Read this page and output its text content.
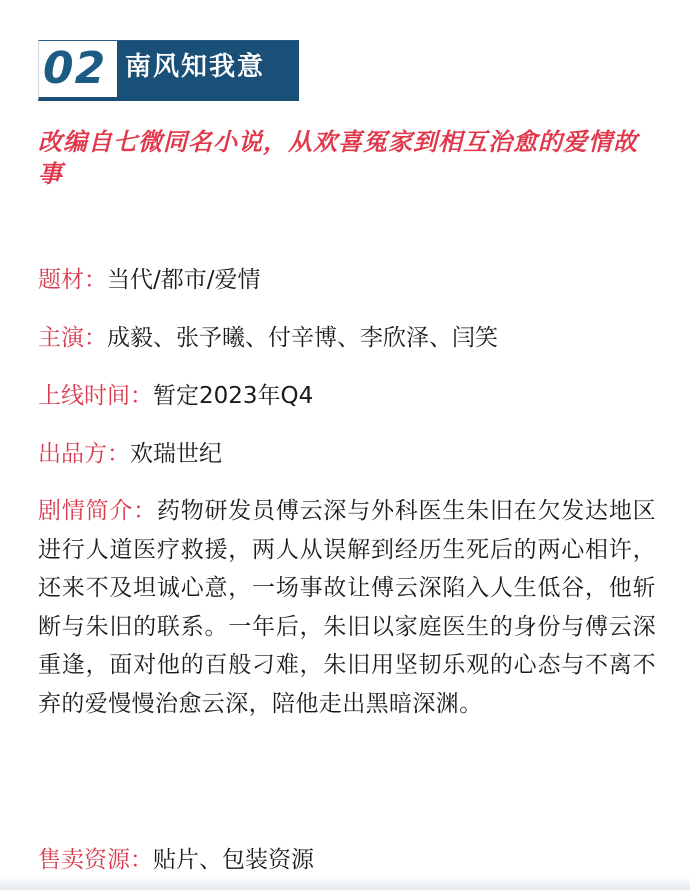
02 南风知我意
改编自七微同名小说，从欢喜冤家到相互治愈的爱情故事
题材：当代/都市/爱情
主演：成毅、张予曦、付辛博、李欣泽、闫笑
上线时间：暂定2023年Q4
出品方：欢瑞世纪
剧情简介：药物研发员傅云深与外科医生朱旧在欠发达地区进行人道医疗救援，两人从误解到经历生死后的两心相许，还来不及坦诚心意，一场事故让傅云深陷入人生低谷，他斩断与朱旧的联系。一年后，朱旧以家庭医生的身份与傅云深重逢，面对他的百般刁难，朱旧用坚韧乐观的心态与不离不弃的爱慢慢治愈云深，陪他走出黑暗深渊。
售卖资源：贴片、包装资源
